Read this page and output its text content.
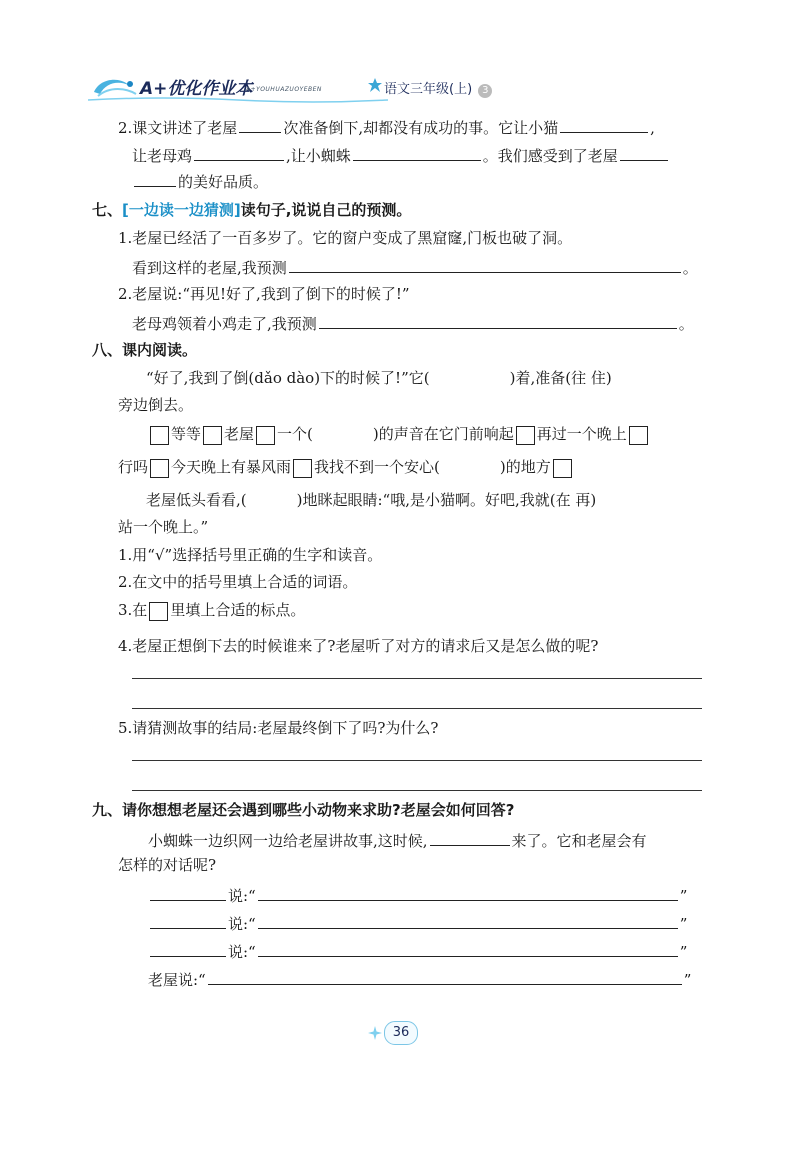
A+优化作业本
A+YOUHUAZUOYEBEN	语文三年级(上) 3
2.课文讲述了老屋	次准备倒下,却都没有成功的事。它让小猫	,
让老母鸡	,让小蜘蛛	。我们感受到了老屋
的美好品质。
七、[一边读一边猜测]读句子,说说自己的预测。
1.老屋已经活了一百多岁了。它的窗户变成了黑窟窿,门板也破了洞。
看到这样的老屋,我预测	。
2.老屋说:“再见!好了,我到了倒下的时候了!”
老母鸡领着小鸡走了,我预测	。
八、课内阅读。
“好了,我到了倒(dǎo dào)下的时候了!”它(	)着,准备(往 住)
旁边倒去。
等等 老屋 一个(	)的声音在它门前响起 再过一个晚上
行吗 今天晚上有暴风雨 我找不到一个安心(	)的地方
老屋低头看看,(	)地眯起眼睛:“哦,是小猫啊。好吧,我就(在 再)
站一个晚上。”
1.用“√”选择括号里正确的生字和读音。
2.在文中的括号里填上合适的词语。
3.在 里填上合适的标点。
4.老屋正想倒下去的时候谁来了?老屋听了对方的请求后又是怎么做的呢?
5.请猜测故事的结局:老屋最终倒下了吗?为什么?
九、请你想想老屋还会遇到哪些小动物来求助?老屋会如何回答?
小蜘蛛一边织网一边给老屋讲故事,这时候,	来了。它和老屋会有
怎样的对话呢?
说:“	”
说:“	”
说:“	”
老屋说:“	”
36
